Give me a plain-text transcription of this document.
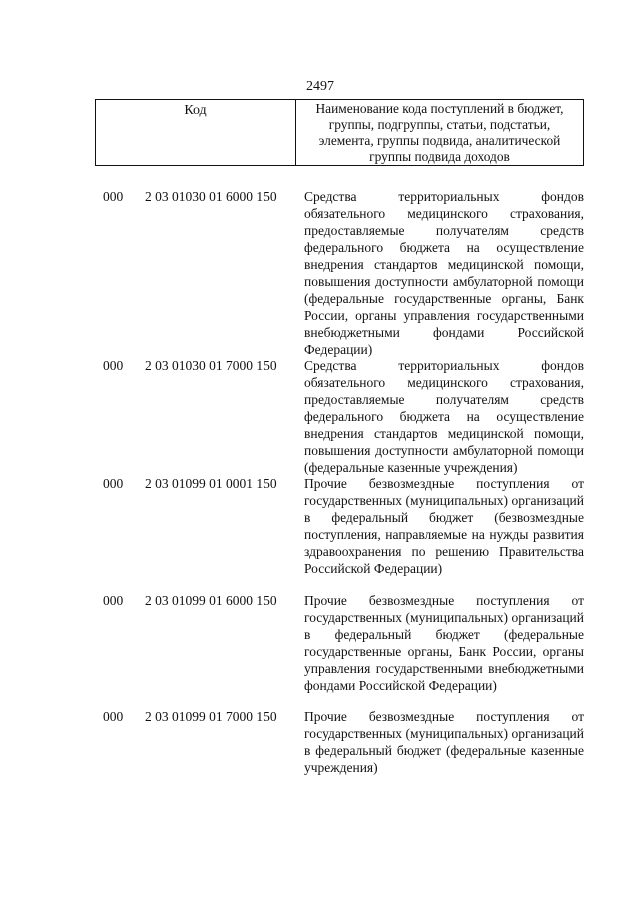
2497
Код	Наименование кода поступлений в бюджет, группы, подгруппы, статьи, подстатьи, элемента, группы подвида, аналитической группы подвида доходов
000	2 03 01030 01 6000 150	Средства территориальных фондов обязательного медицинского страхования, предоставляемые получателям средств федерального бюджета на осуществление внедрения стандартов медицинской помощи, повышения доступности амбулаторной помощи (федеральные государственные органы, Банк России, органы управления государственными внебюджетными фондами Российской Федерации)
000	2 03 01030 01 7000 150	Средства территориальных фондов обязательного медицинского страхования, предоставляемые получателям средств федерального бюджета на осуществление внедрения стандартов медицинской помощи, повышения доступности амбулаторной помощи (федеральные казенные учреждения)
000	2 03 01099 01 0001 150	Прочие безвозмездные поступления от государственных (муниципальных) организаций в федеральный бюджет (безвозмездные поступления, направляемые на нужды развития здравоохранения по решению Правительства Российской Федерации)
000	2 03 01099 01 6000 150	Прочие безвозмездные поступления от государственных (муниципальных) организаций в федеральный бюджет (федеральные государственные органы, Банк России, органы управления государственными внебюджетными фондами Российской Федерации)
000	2 03 01099 01 7000 150	Прочие безвозмездные поступления от государственных (муниципальных) организаций в федеральный бюджет (федеральные казенные учреждения)
